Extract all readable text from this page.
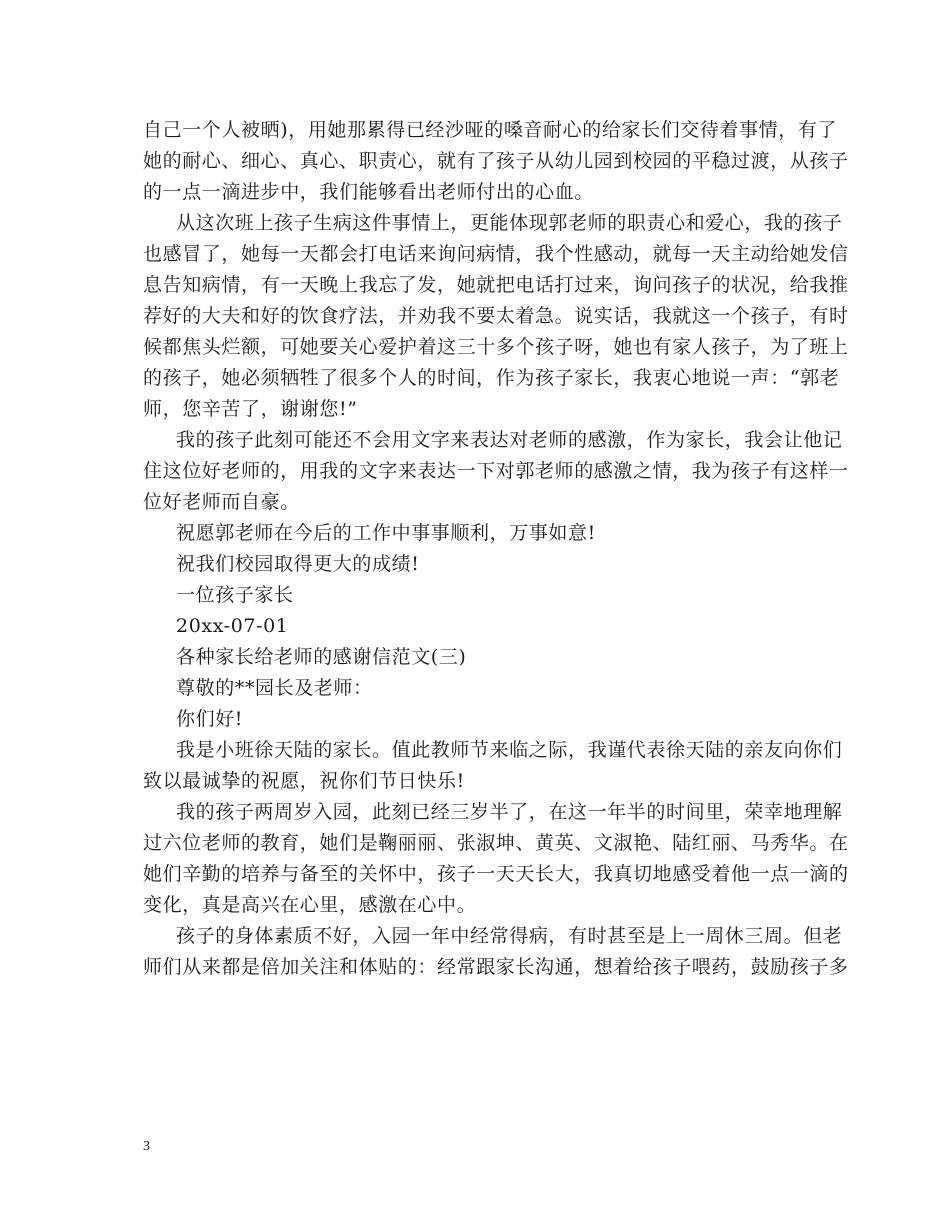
自己一个人被晒)，用她那累得已经沙哑的嗓音耐心的给家长们交待着事情，有了
她的耐心、细心、真心、职责心，就有了孩子从幼儿园到校园的平稳过渡，从孩子
的一点一滴进步中，我们能够看出老师付出的心血。

从这次班上孩子生病这件事情上，更能体现郭老师的职责心和爱心，我的孩子
也感冒了，她每一天都会打电话来询问病情，我个性感动，就每一天主动给她发信
息告知病情，有一天晚上我忘了发，她就把电话打过来，询问孩子的状况，给我推
荐好的大夫和好的饮食疗法，并劝我不要太着急。说实话，我就这一个孩子，有时
候都焦头烂额，可她要关心爱护着这三十多个孩子呀，她也有家人孩子，为了班上
的孩子，她必须牺牲了很多个人的时间，作为孩子家长，我衷心地说一声：“郭老
师，您辛苦了，谢谢您!”

我的孩子此刻可能还不会用文字来表达对老师的感激，作为家长，我会让他记
住这位好老师的，用我的文字来表达一下对郭老师的感激之情，我为孩子有这样一
位好老师而自豪。

祝愿郭老师在今后的工作中事事顺利，万事如意!

祝我们校园取得更大的成绩!

一位孩子家长

20xx-07-01

各种家长给老师的感谢信范文(三)

尊敬的**园长及老师：

你们好!

我是小班徐天陆的家长。值此教师节来临之际，我谨代表徐天陆的亲友向你们
致以最诚挚的祝愿，祝你们节日快乐!

我的孩子两周岁入园，此刻已经三岁半了，在这一年半的时间里，荣幸地理解
过六位老师的教育，她们是鞠丽丽、张淑坤、黄英、文淑艳、陆红丽、马秀华。在
她们辛勤的培养与备至的关怀中，孩子一天天长大，我真切地感受着他一点一滴的
变化，真是高兴在心里，感激在心中。

孩子的身体素质不好，入园一年中经常得病，有时甚至是上一周休三周。但老
师们从来都是倍加关注和体贴的：经常跟家长沟通，想着给孩子喂药，鼓励孩子多

3
